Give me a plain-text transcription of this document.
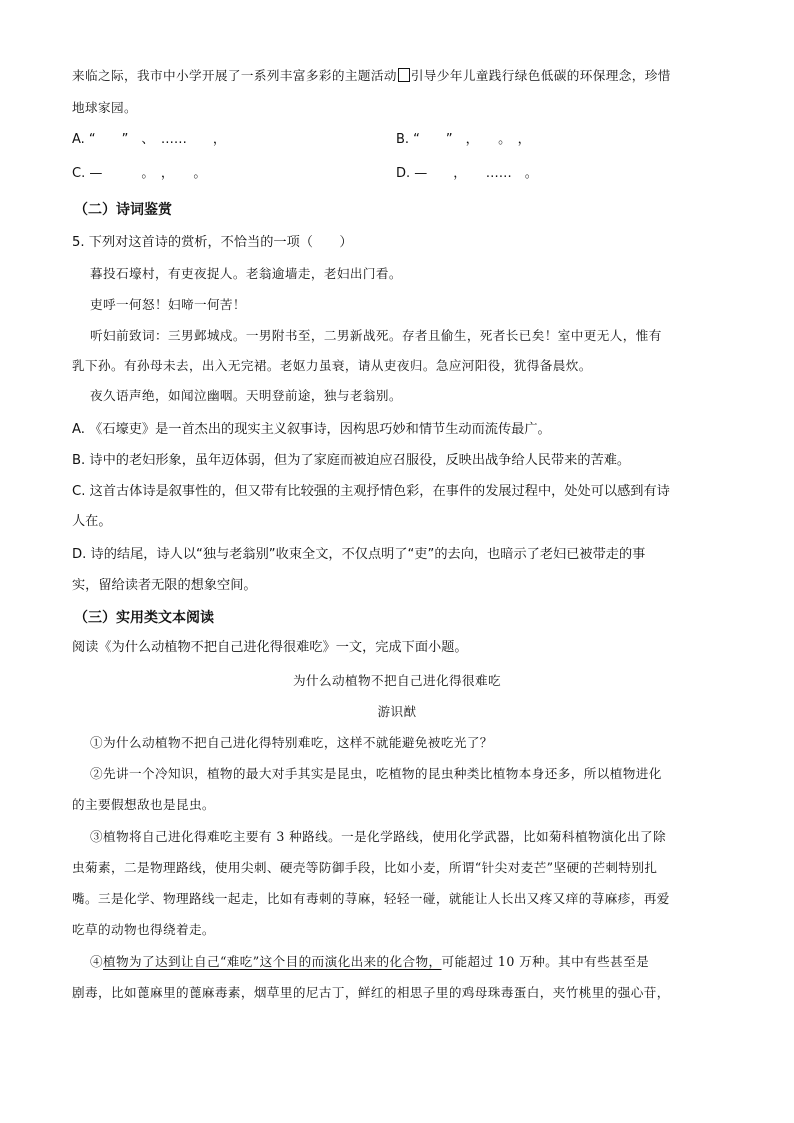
来临之际，我市中小学开展了一系列丰富多彩的主题活动 引导少年儿童践行绿色低碳的环保理念，珍惜
地球家园。
A. “　　”　、　……　　，	B. “　　”　，　　。　，
C. —　　　。　，　　。	D. —　　，　　……　。
（二）诗词鉴赏
5. 下列对这首诗的赏析，不恰当的一项（　　）
暮投石壕村，有吏夜捉人。老翁逾墙走，老妇出门看。
吏呼一何怒！妇啼一何苦！
听妇前致词：三男邺城戍。一男附书至，二男新战死。存者且偷生，死者长已矣！室中更无人，惟有
乳下孙。有孙母未去，出入无完裙。老妪力虽衰，请从吏夜归。急应河阳役，犹得备晨炊。
夜久语声绝，如闻泣幽咽。天明登前途，独与老翁别。
A. 《石壕吏》是一首杰出的现实主义叙事诗，因构思巧妙和情节生动而流传最广。
B. 诗中的老妇形象，虽年迈体弱，但为了家庭而被迫应召服役，反映出战争给人民带来的苦难。
C. 这首古体诗是叙事性的，但又带有比较强的主观抒情色彩，在事件的发展过程中，处处可以感到有诗
人在。
D. 诗的结尾，诗人以“独与老翁别”收束全文，不仅点明了“吏”的去向，也暗示了老妇已被带走的事
实，留给读者无限的想象空间。
（三）实用类文本阅读
阅读《为什么动植物不把自己进化得很难吃》一文，完成下面小题。
为什么动植物不把自己进化得很难吃
游识猷
①为什么动植物不把自己进化得特别难吃，这样不就能避免被吃光了？
②先讲一个冷知识，植物的最大对手其实是昆虫，吃植物的昆虫种类比植物本身还多，所以植物进化
的主要假想敌也是昆虫。
③植物将自己进化得难吃主要有 3 种路线。一是化学路线，使用化学武器，比如菊科植物演化出了除
虫菊素，二是物理路线，使用尖刺、硬壳等防御手段，比如小麦，所谓“针尖对麦芒”坚硬的芒刺特别扎
嘴。三是化学、物理路线一起走，比如有毒刺的荨麻，轻轻一碰，就能让人长出又疼又痒的荨麻疹，再爱
吃草的动物也得绕着走。
④植物为了达到让自己“难吃”这个目的而演化出来的化合物，可能超过 10 万种。其中有些甚至是
剧毒，比如蓖麻里的蓖麻毒素，烟草里的尼古丁，鲜红的相思子里的鸡母珠毒蛋白，夹竹桃里的强心苷，
